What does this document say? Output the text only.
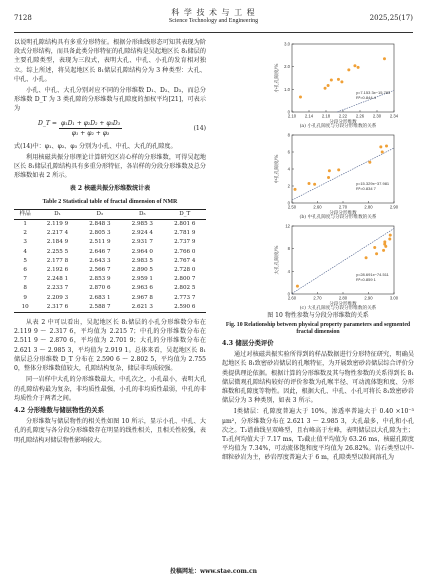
7128
科 学 技 术 与 工 程
Science Technology and Engineering	2025,25(17)

以说明孔隙结构具有多重分形特征。根据分形曲线形态可知其表现为阶段式分形结构，而具备此类分形特征的孔隙结构是吴起地区长 8₁储层的主要孔隙类型，表现为三段式，表明大孔、中孔、小孔的发育相对独立。综上所述，将吴起地区长 8₁储层孔隙结构分为 3 种类型：大孔、中孔、小孔。

小孔、中孔、大孔分别对应不同的分形维数 D₁、D₂、D₃，而总分形维数 D_T 为 3 类孔隙的分形维数与孔隙度的加权平均[21]，可表示为

D_T = $\frac{\text{φ₁D₁ + φ₂D₂ + φ₃D₃}}{\text{φ₁ + φ₂ + φ₃}}$	(14)

式(14)中：φ₁、φ₂、φ₃ 分别为小孔、中孔、大孔的孔隙度。

利用核磁共振分形理论计算研究区岩心样的分形维数，可得吴起地区长 8₁储层孔隙结构具有多重分形特征，各岩样的分段分形维数及总分形维数如表 2 所示。

表 2 核磁共振分形维数统计表
Table 2 Statistical table of fractal dimension of NMR
样品	D₁	D₂	D₃	D_T
1	2.119 9	2.848 3	2.985 3	2.801 6
2	2.217 4	2.805 3	2.924 4	2.781 9
3	2.184 9	2.511 9	2.931 7	2.737 9
4	2.255 5	2.646 7	2.964 0	2.766 0
5	2.177 8	2.643 3	2.983 5	2.767 4
6	2.192 6	2.566 7	2.890 5	2.728 0
7	2.248 1	2.853 9	2.959 1	2.800 7
8	2.233 7	2.870 6	2.963 6	2.802 5
9	2.209 3	2.683 1	2.967 8	2.773 7
10	2.317 6	2.588 7	2.621 3	2.590 6

从表 2 中可以看出，吴起地区长 8₁储层的小孔分形维数分布在 2.119 9 ～ 2.317 6，平均值为 2.215 7；中孔的分形维数分布在 2.511 9 ～ 2.870 6，平均值为 2.701 9；大孔的分形维数分布在 2.621 3 ～ 2.985 3，平均值为 2.919 1。总体来看，吴起地区长 8₁储层总分形维数 D_T 分布在 2.590 6 ～ 2.802 5，平均值为 2.755 0，整体分形维数值较大，孔隙结构复杂，储层非均质较强。

同一岩样中大孔的分形维数最大，中孔次之，小孔最小，表明大孔的孔隙结构最为复杂，非均质性最强，小孔的非均质性最弱，中孔的非均质性介于两者之间。

4.2 分形维数与储层物性的关系

分形维数与储层物性的相关性如图 10 所示，显示小孔、中孔、大孔的孔隙度与各分段分形维数存在明显的线性相关，且相关性较强，表明孔隙结构对储层物性影响较大。

2.10 2.14 2.18 2.22 2.26 2.30 2.34
0
1.0
2.0
3.0
分段分形维数
小孔孔隙度/%
y=7.153 3x−15.783
R²=0.844 4
(a) 小孔孔隙度与分段分形维数的关系
2.50	2.60	2.70	2.80	2.90
0
2
4
6
8
分段分形维数
中孔孔隙度/%
y=15.329x−37.981
R²=0.834 7
(b) 中孔孔隙度与分段分形维数的关系
2.60	2.70	2.80	2.90	3.00
0
4
8
12
分段分形维数
大孔孔隙度/%
y=28.691x−74.511
R²=0.859 1
(c) 大孔孔隙度与分段分形维数的关系
图 10 物性参数与分段分形维数的关系
Fig. 10 Relationship between physical property parameters and segmented fractal dimension
4.3 储层分类评价

通过对核磁共振实验所得到的样品数据进行分形特征研究，明确吴起地区长 8₁致密砂岩储层的孔喉特征，为开展致密砂岩储层综合评价分类提供理论依据。根据计算的分形维数及其与物性参数的关系得到长 8₁储层微观孔隙结构较好的评价参数为孔喉半径、可动流体饱和度、分形维数和孔隙度等物性。因此，根据大孔、中孔、小孔可将长 8₁致密砂岩储层分为 3 种类别，如表 3 所示。

Ⅰ类储层：孔隙度普遍大于 10%，渗透率普遍大于 0.40 ×10⁻³ μm²，分形维数分布在 2.621 3 ～ 2.985 3，大孔最多，中孔和小孔次之。T₂谱曲线呈双峰型，且右峰高于左峰，表明储层以大孔隙为主；T₂孔何均值大于 7.17 ms，T₂截止值平均值为 63.26 ms，核磁孔隙度平均值为 7.34%，可动流体饱和度平均值为 26.82%。岩石类型以中-细粒砂岩为主，砂岩厚度普遍大于 6 m，孔隙类型以粒间溶孔为

投稿网址：www.stae.com.cn
